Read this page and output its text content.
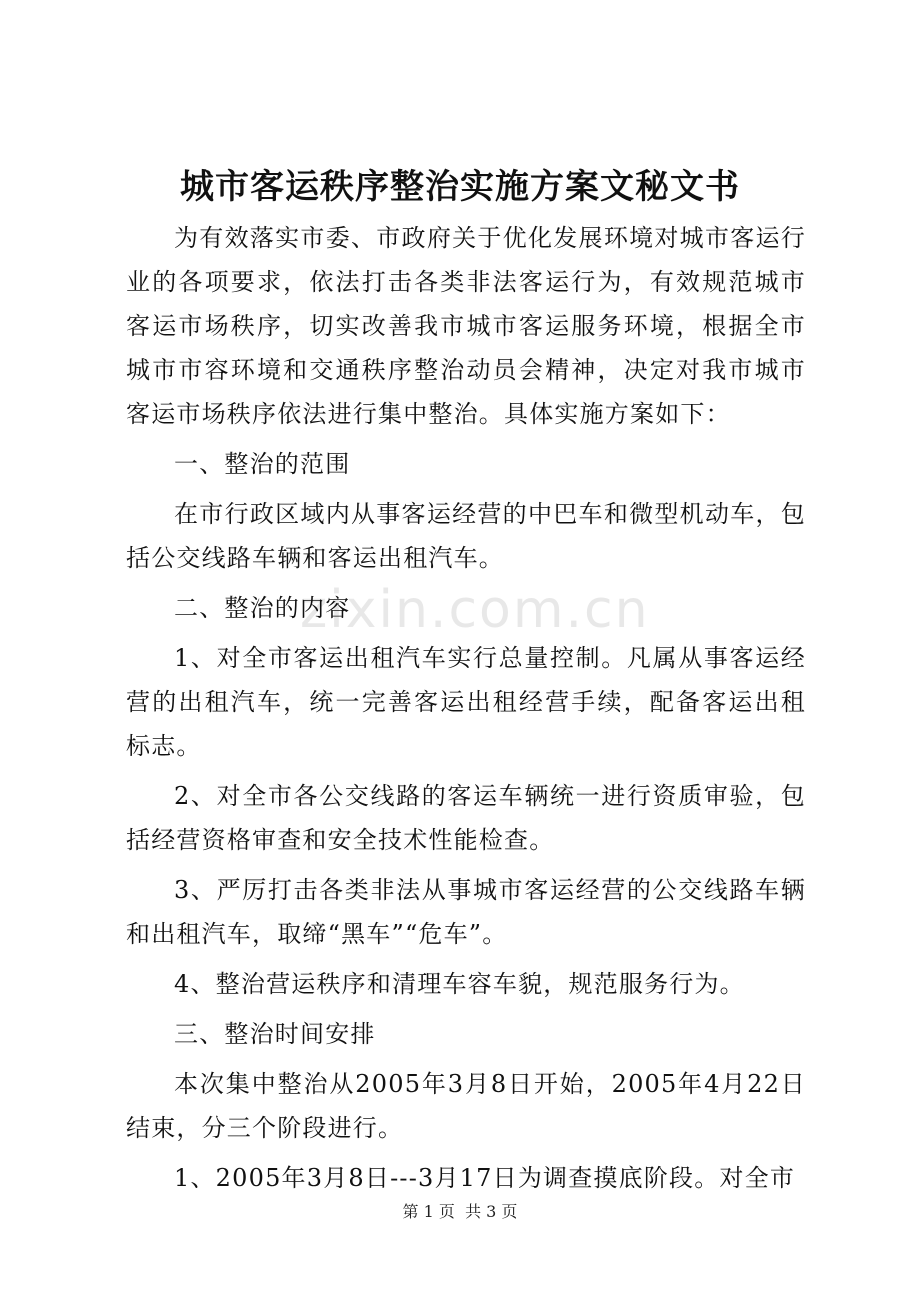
zixin.com.cn
城市客运秩序整治实施方案文秘文书

为有效落实市委、市政府关于优化发展环境对城市客运行业的各项要求，依法打击各类非法客运行为，有效规范城市客运市场秩序，切实改善我市城市客运服务环境，根据全市城市市容环境和交通秩序整治动员会精神，决定对我市城市客运市场秩序依法进行集中整治。具体实施方案如下：

一、整治的范围

在市行政区域内从事客运经营的中巴车和微型机动车，包括公交线路车辆和客运出租汽车。

二、整治的内容

1、对全市客运出租汽车实行总量控制。凡属从事客运经营的出租汽车，统一完善客运出租经营手续，配备客运出租标志。

2、对全市各公交线路的客运车辆统一进行资质审验，包括经营资格审查和安全技术性能检查。

3、严厉打击各类非法从事城市客运经营的公交线路车辆和出租汽车，取缔“黑车”“危车”。

4、整治营运秩序和清理车容车貌，规范服务行为。

三、整治时间安排

本次集中整治从2005年3月8日开始，2005年4月22日结束，分三个阶段进行。

1、2005年3月8日---3月17日为调查摸底阶段。对全市

第 1 页  共 3 页
